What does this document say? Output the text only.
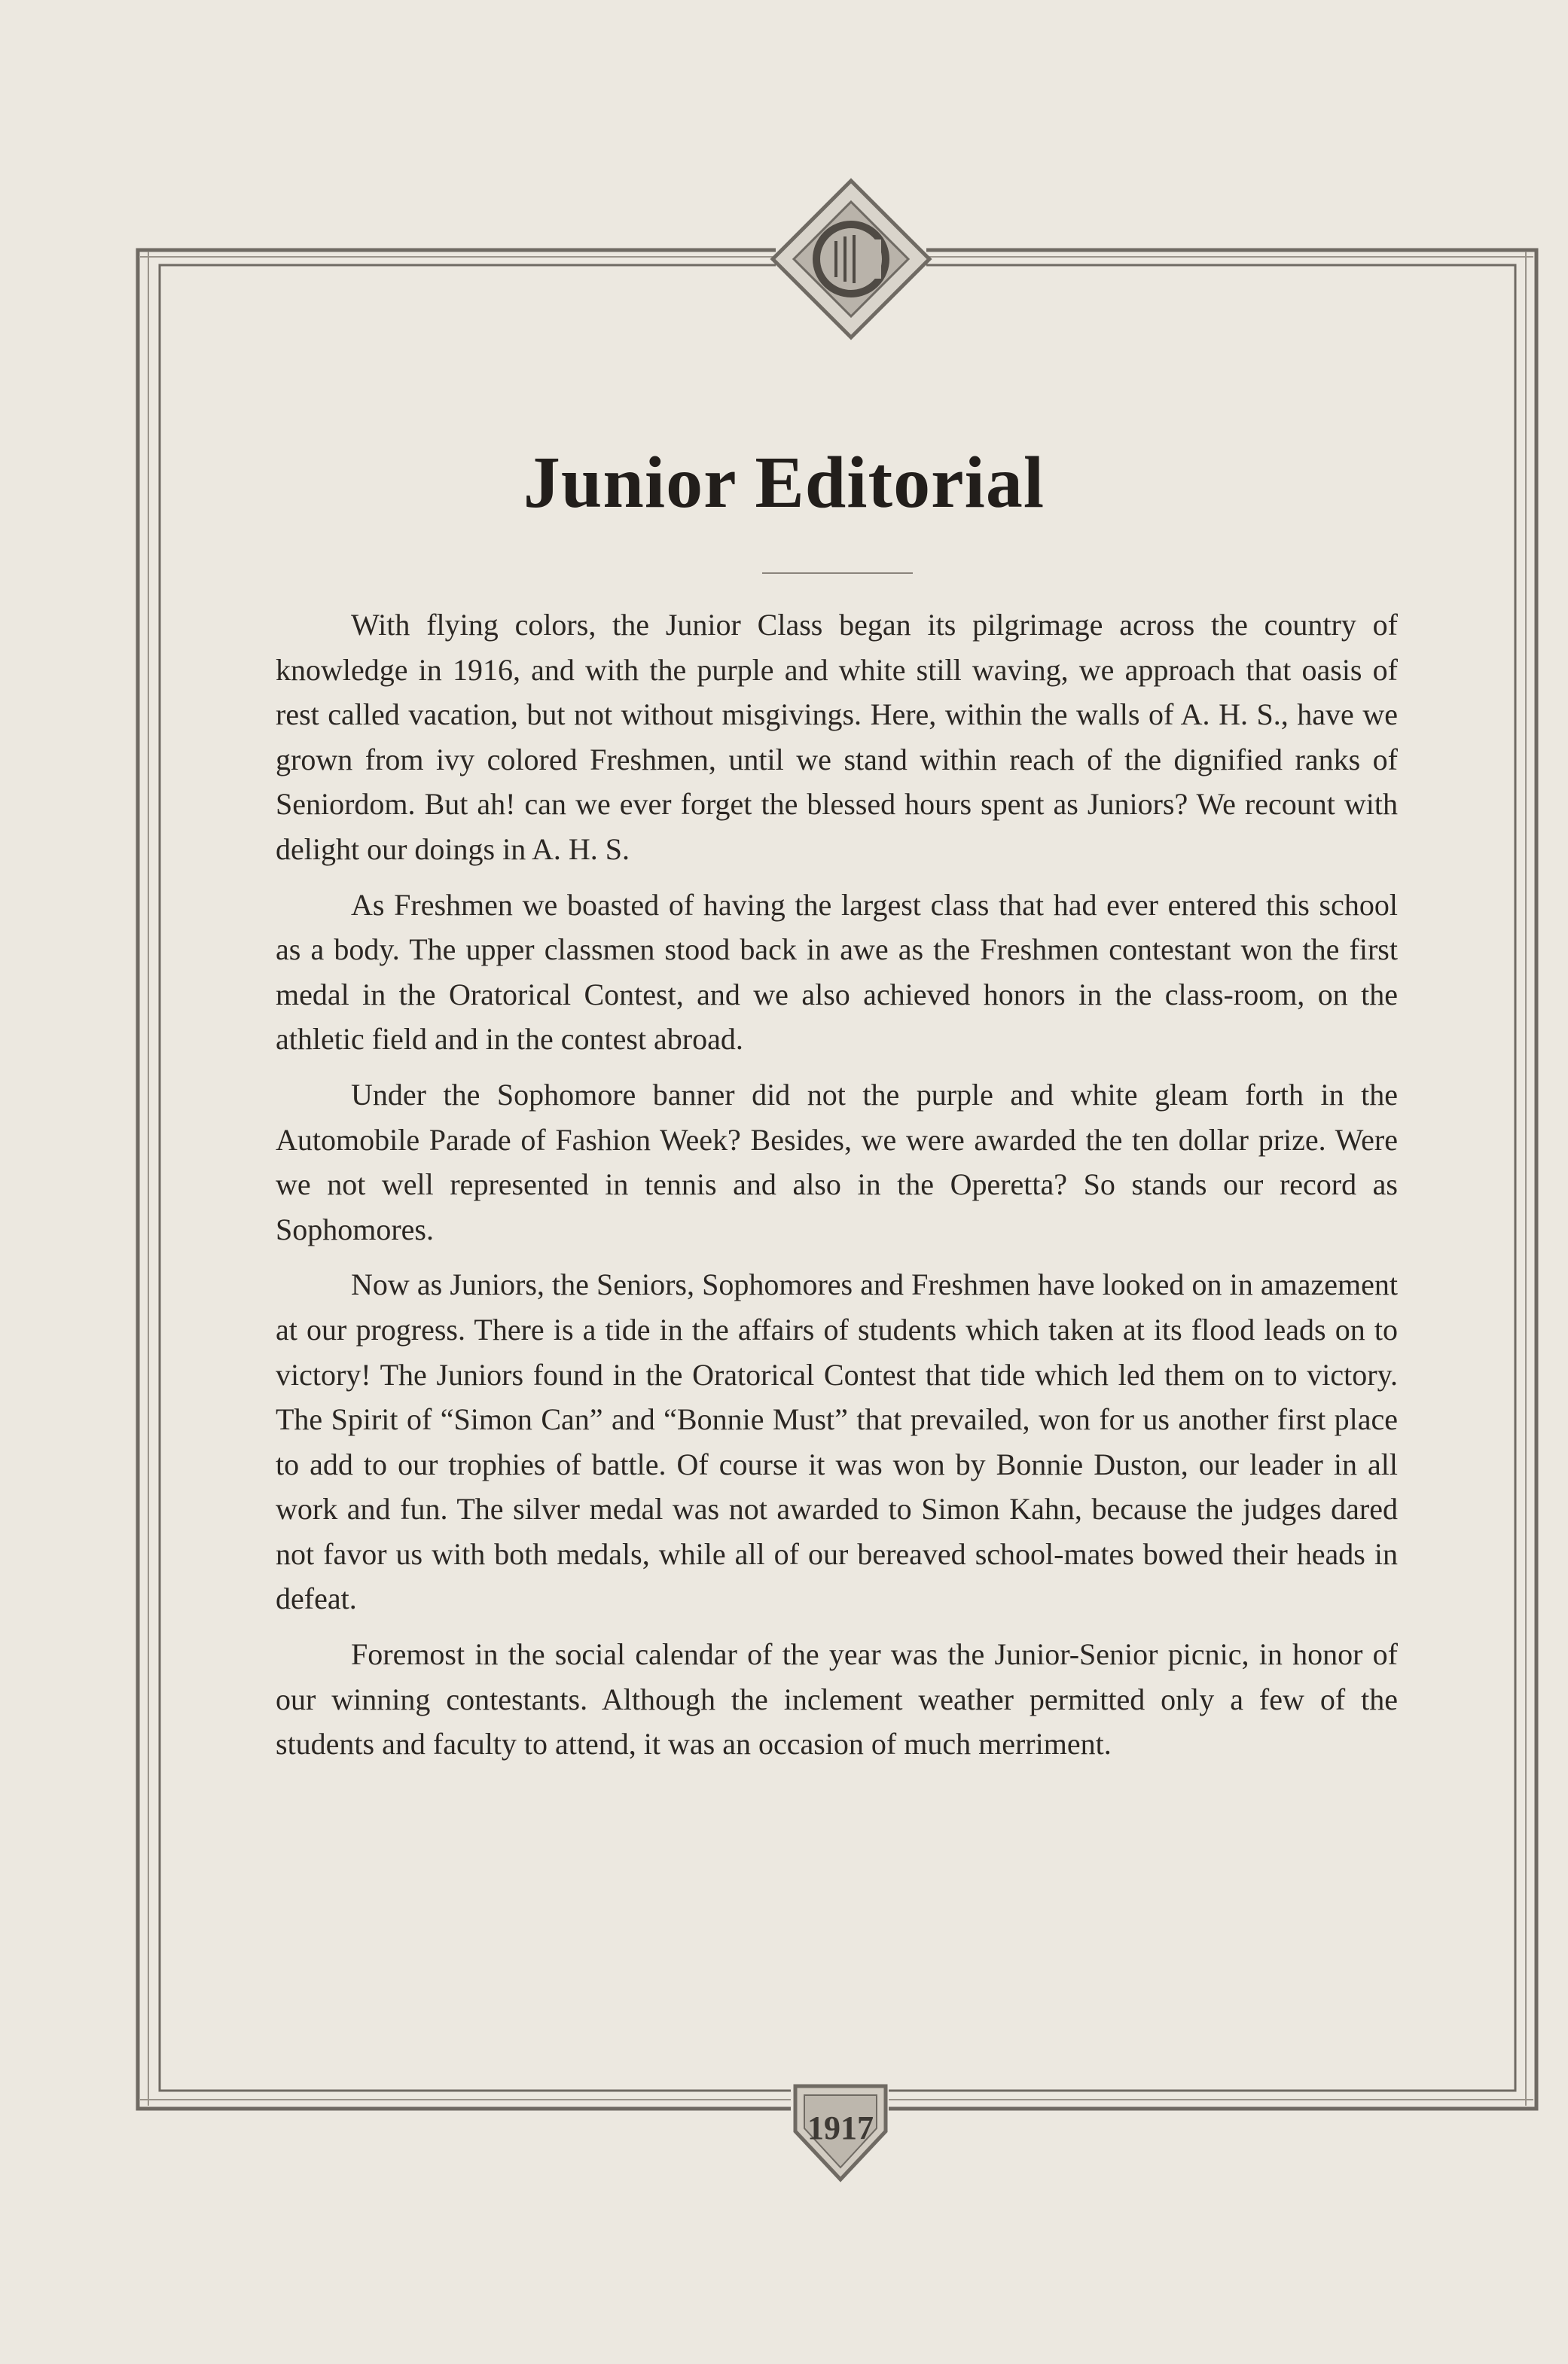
1917
Junior Editorial

With flying colors, the Junior Class began its pilgrimage across the country of knowledge in 1916, and with the purple and white still waving, we approach that oasis of rest called vacation, but not without misgivings. Here, within the walls of A. H. S., have we grown from ivy colored Freshmen, until we stand within reach of the dignified ranks of Seniordom. But ah! can we ever forget the blessed hours spent as Juniors? We recount with delight our doings in A. H. S.

As Freshmen we boasted of having the largest class that had ever entered this school as a body. The upper classmen stood back in awe as the Freshmen contestant won the first medal in the Oratorical Contest, and we also achieved honors in the class-room, on the athletic field and in the contest abroad.

Under the Sophomore banner did not the purple and white gleam forth in the Automobile Parade of Fashion Week? Besides, we were awarded the ten dollar prize. Were we not well represented in tennis and also in the Operetta? So stands our record as Sophomores.

Now as Juniors, the Seniors, Sophomores and Freshmen have looked on in amazement at our progress. There is a tide in the affairs of students which taken at its flood leads on to victory! The Juniors found in the Oratorical Contest that tide which led them on to victory. The Spirit of “Simon Can” and “Bonnie Must” that prevailed, won for us another first place to add to our trophies of battle. Of course it was won by Bonnie Duston, our leader in all work and fun. The silver medal was not awarded to Simon Kahn, because the judges dared not favor us with both medals, while all of our bereaved school-mates bowed their heads in defeat.

Foremost in the social calendar of the year was the Junior-Senior picnic, in honor of our winning contestants. Although the inclement weather permitted only a few of the students and faculty to attend, it was an occasion of much merriment.
